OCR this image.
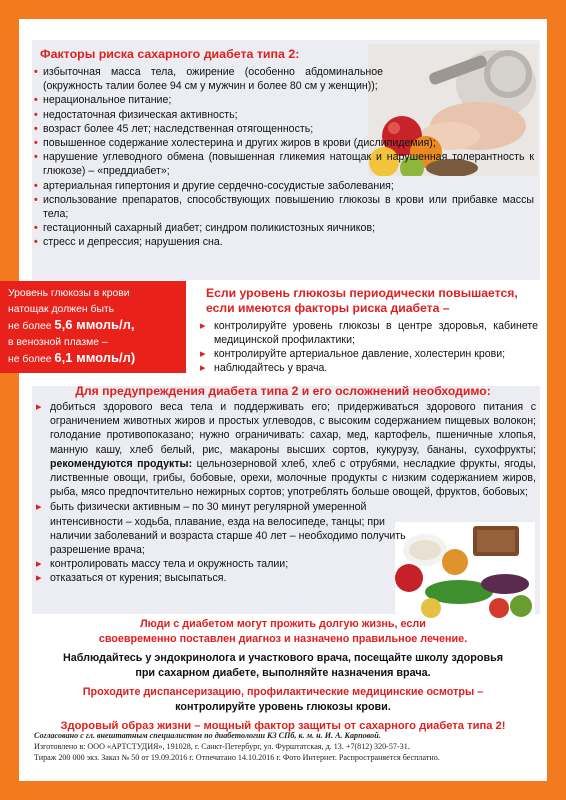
Факторы риска сахарного диабета типа 2:
• избыточная масса тела, ожирение (особенно абдоминальное (окружность талии более 94 см у мужчин и более 80 см у женщин));
• нерациональное питание;
• недостаточная физическая активность;
• возраст более 45 лет; наследственная отягощенность;
• повышенное содержание холестерина и других жиров в крови (дислипидемия);
• нарушение углеводного обмена (повышенная гликемия натощак и нарушенная толерантность к глюкозе) – «преддиабет»;
• артериальная гипертония и другие сердечно-сосудистые заболевания;
• использование препаратов, способствующих повышению глюкозы в крови или прибавке массы тела;
• гестационный сахарный диабет; синдром поликистозных яичников;
• стресс и депрессия; нарушения сна.
Уровень глюкозы в крови
натощак должен быть
не более 5,6 ммоль/л,
в венозной плазме –
не более 6,1 ммоль/л)
Если уровень глюкозы периодически повышается,
если имеются факторы риска диабета –
▸ контролируйте уровень глюкозы в центре здоровья, кабинете медицинской профилактики;
▸ контролируйте артериальное давление, холестерин крови;
▸ наблюдайтесь у врача.
Для предупреждения диабета типа 2 и его осложнений необходимо:
▸ добиться здорового веса тела и поддерживать его; придерживаться здорового питания с ограничением животных жиров и простых углеводов, с высоким содержанием пищевых волокон; голодание противопоказано; нужно ограничивать: сахар, мед, картофель, пшеничные хлопья, манную кашу, хлеб белый, рис, макароны высших сортов, кукурузу, бананы, сухофрукты; рекомендуются продукты: цельнозерновой хлеб, хлеб с отрубями, несладкие фрукты, ягоды, лиственные овощи, грибы, бобовые, орехи, молочные продукты с низким содержанием жиров, рыба, мясо предпочтительно нежирных сортов; употреблять больше овощей, фруктов, бобовых;
▸ быть физически активным – по 30 минут регулярной умеренной интенсивности – ходьба, плавание, езда на велосипеде, танцы; при наличии заболеваний и возраста старше 40 лет – необходимо получить разрешение врача;
▸ контролировать массу тела и окружность талии;
▸ отказаться от курения; высыпаться.
Люди с диабетом могут прожить долгую жизнь, если
своевременно поставлен диагноз и назначено правильное лечение.
Наблюдайтесь у эндокринолога и участкового врача, посещайте школу здоровья
при сахарном диабете, выполняйте назначения врача.
Проходите диспансеризацию, профилактические медицинские осмотры –
контролируйте уровень глюкозы крови.
Здоровый образ жизни – мощный фактор защиты от сахарного диабета типа 2!
Согласовано с гл. внештатным специалистом по диабетологии КЗ СПб, к. м. н. И. А. Карповой.
Изготовлено в: ООО «АРТСТУДИЯ», 191028, г. Санкт-Петербург, ул. Фурштатская, д. 13. +7(812) 320-57-31.
Тираж 200 000 экз. Заказ № 50 от 19.09.2016 г. Отпечатано 14.10.2016 г. Фото Интернет. Распространяется бесплатно.
